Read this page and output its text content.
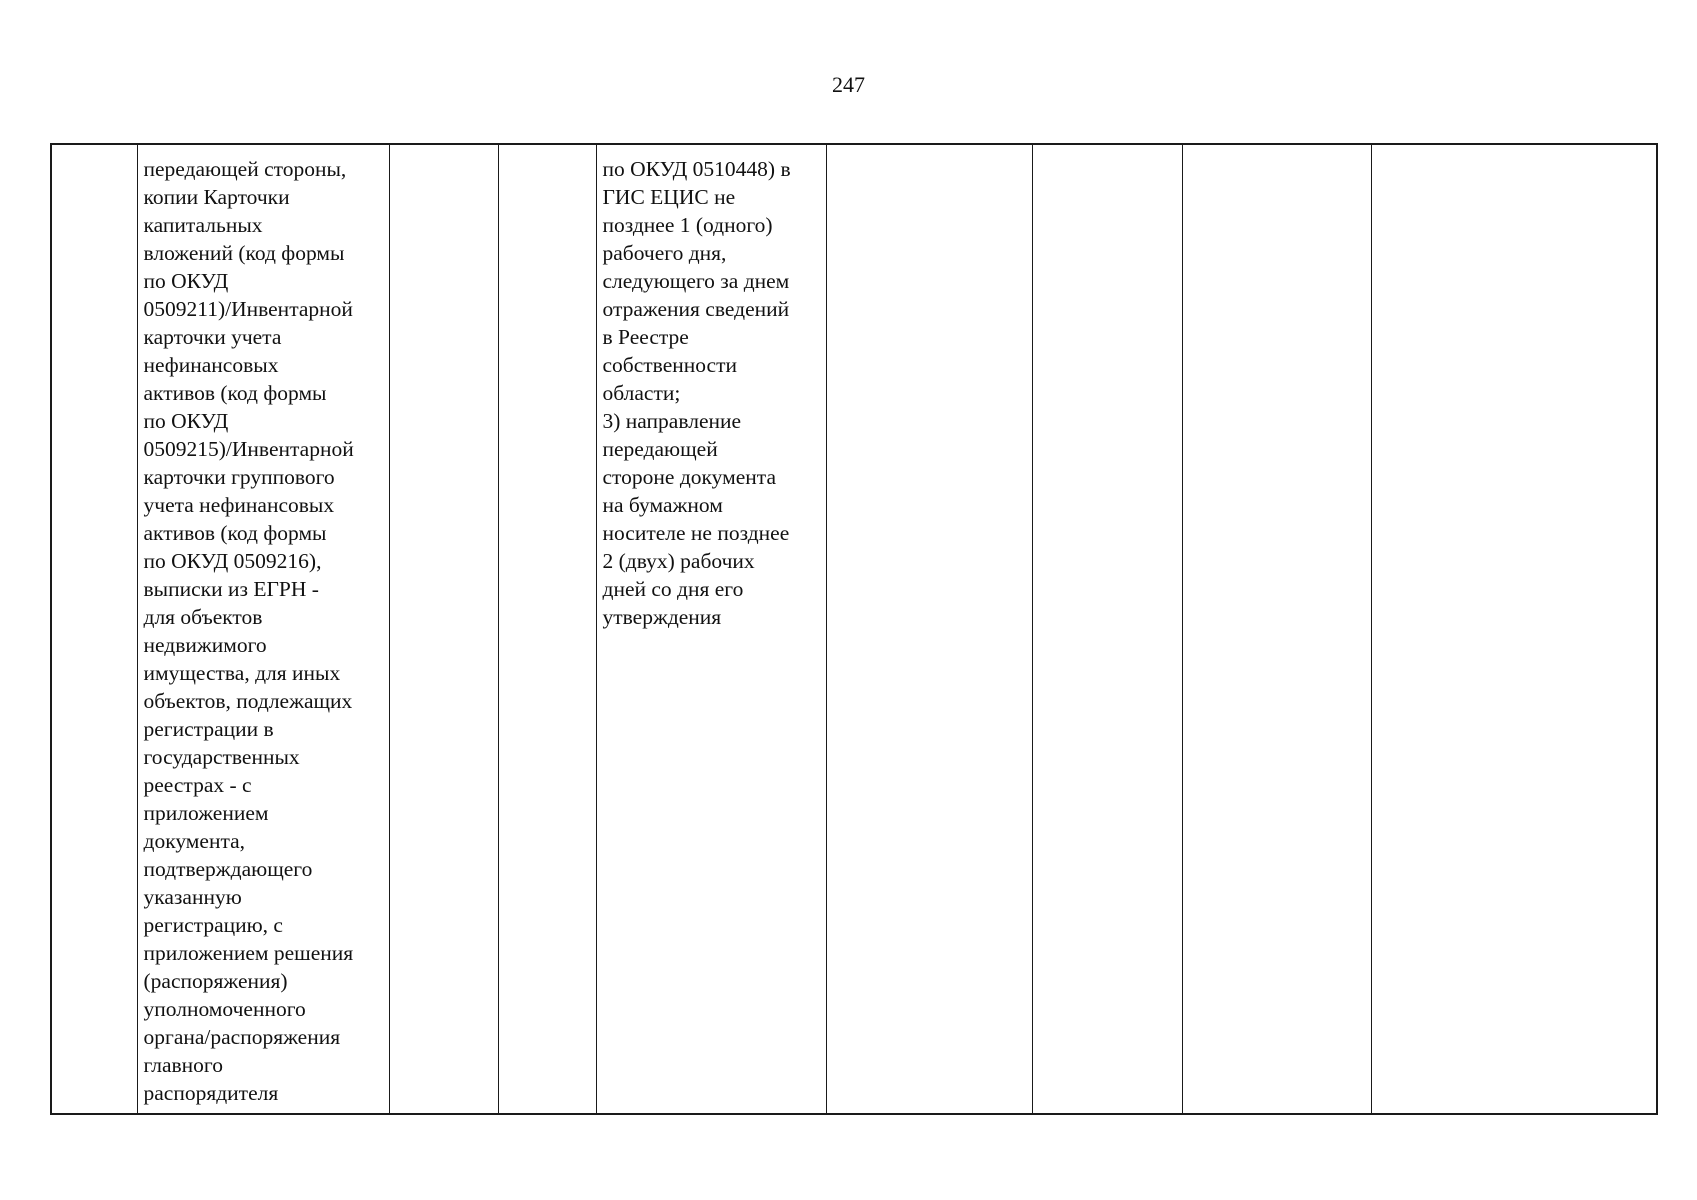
247
	передающей стороны,
копии Карточки
капитальных
вложений (код формы
по ОКУД
0509211)/Инвентарной
карточки учета
нефинансовых
активов (код формы
по ОКУД
0509215)/Инвентарной
карточки группового
учета нефинансовых
активов (код формы
по ОКУД 0509216),
выписки из ЕГРН -
для объектов
недвижимого
имущества, для иных
объектов, подлежащих
регистрации в
государственных
реестрах - с
приложением
документа,
подтверждающего
указанную
регистрацию, с
приложением решения
(распоряжения)
уполномоченного
органа/распоряжения
главного
распорядителя			по ОКУД 0510448) в
ГИС ЕЦИС не
позднее 1 (одного)
рабочего дня,
следующего за днем
отражения сведений
в Реестре
собственности
области;
3) направление
передающей
стороне документа
на бумажном
носителе не позднее
2 (двух) рабочих
дней со дня его
утверждения				
